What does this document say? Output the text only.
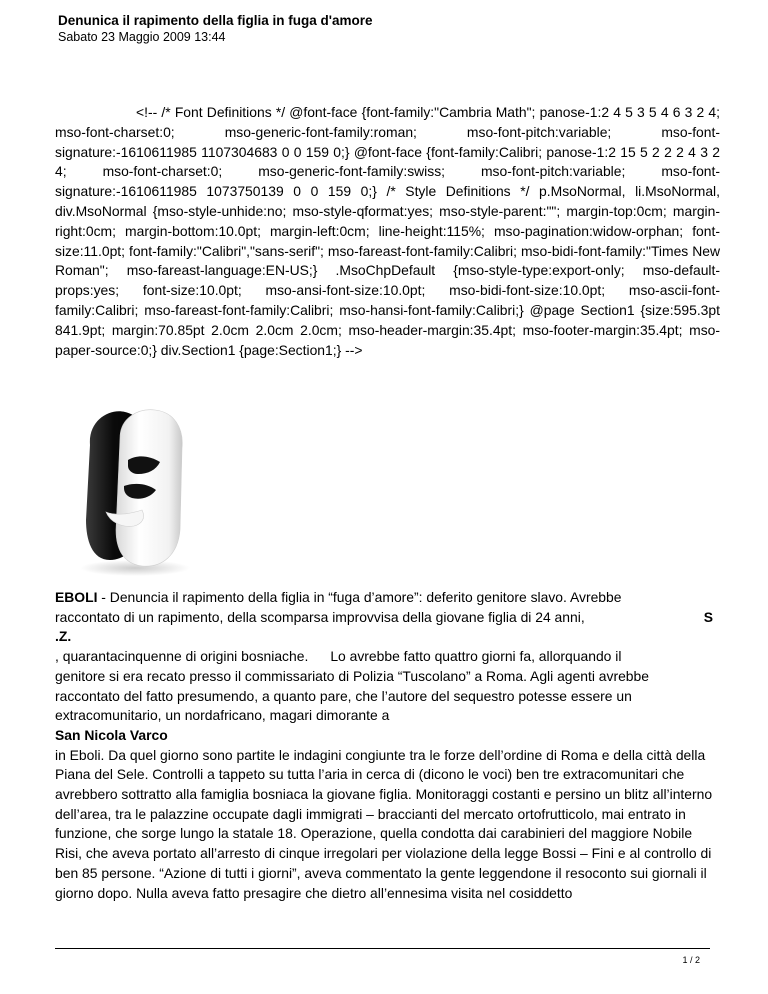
Denunica il rapimento della figlia in fuga d'amore
Sabato 23 Maggio 2009 13:44
<!-- /* Font Definitions */ @font-face {font-family:"Cambria Math"; panose-1:2 4 5 3 5 4 6 3 2 4; mso-font-charset:0; mso-generic-font-family:roman; mso-font-pitch:variable; mso-font-signature:-1610611985 1107304683 0 0 159 0;} @font-face {font-family:Calibri; panose-1:2 15 5 2 2 2 4 3 2 4; mso-font-charset:0; mso-generic-font-family:swiss; mso-font-pitch:variable; mso-font-signature:-1610611985 1073750139 0 0 159 0;} /* Style Definitions */ p.MsoNormal, li.MsoNormal, div.MsoNormal {mso-style-unhide:no; mso-style-qformat:yes; mso-style-parent:""; margin-top:0cm; margin-right:0cm; margin-bottom:10.0pt; margin-left:0cm; line-height:115%; mso-pagination:widow-orphan; font-size:11.0pt; font-family:"Calibri","sans-serif"; mso-fareast-font-family:Calibri; mso-bidi-font-family:"Times New Roman"; mso-fareast-language:EN-US;} .MsoChpDefault {mso-style-type:export-only; mso-default-props:yes; font-size:10.0pt; mso-ansi-font-size:10.0pt; mso-bidi-font-size:10.0pt; mso-ascii-font-family:Calibri; mso-fareast-font-family:Calibri; mso-hansi-font-family:Calibri;} @page Section1 {size:595.3pt 841.9pt; margin:70.85pt 2.0cm 2.0cm 2.0cm; mso-header-margin:35.4pt; mso-footer-margin:35.4pt; mso-paper-source:0;} div.Section1 {page:Section1;} -->
EBOLI - Denuncia il rapimento della figlia in “fuga d’amore”: deferito genitore slavo. Avrebbe
raccontato di un rapimento, della scomparsa improvvisa della giovane figlia di 24 anni,	S
.Z.
, quarantacinquenne di origini bosniache. Lo avrebbe fatto quattro giorni fa, allorquando il

genitore si era recato presso il commissariato di Polizia “Tuscolano” a Roma. Agli agenti avrebbe raccontato del fatto presumendo, a quanto pare, che l’autore del sequestro potesse essere un extracomunitario, un nordafricano, magari dimorante a

San Nicola Varco

in Eboli. Da quel giorno sono partite le indagini congiunte tra le forze dell’ordine di Roma e della città della Piana del Sele. Controlli a tappeto su tutta l’aria in cerca di (dicono le voci) ben tre extracomunitari che avrebbero sottratto alla famiglia bosniaca la giovane figlia. Monitoraggi costanti e persino un blitz all’interno dell’area, tra le palazzine occupate dagli immigrati – braccianti del mercato ortofrutticolo, mai entrato in funzione, che sorge lungo la statale 18. Operazione, quella condotta dai carabinieri del maggiore Nobile Risi, che aveva portato all’arresto di cinque irregolari per violazione della legge Bossi – Fini e al controllo di ben 85 persone. “Azione di tutti i giorni”, aveva commentato la gente leggendone il resoconto sui giornali il giorno dopo. Nulla aveva fatto presagire che dietro all’ennesima visita nel cosiddetto

1 / 2
